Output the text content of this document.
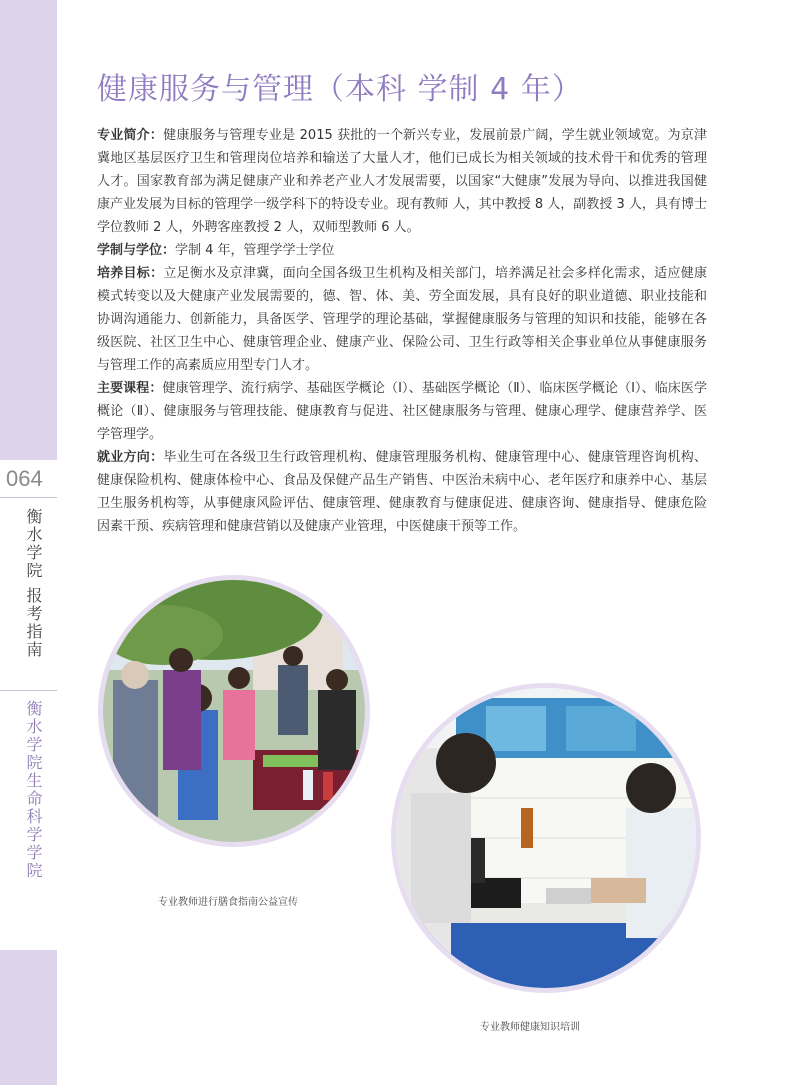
064
衡水学院 报考指南
衡水学院生命科学学院
健康服务与管理（本科 学制 4 年）

专业简介：健康服务与管理专业是 2015 获批的一个新兴专业，发展前景广阔，学生就业领域宽。为京津冀地区基层医疗卫生和管理岗位培养和输送了大量人才，他们已成长为相关领域的技术骨干和优秀的管理人才。国家教育部为满足健康产业和养老产业人才发展需要，以国家“大健康”发展为导向、以推进我国健康产业发展为目标的管理学一级学科下的特设专业。现有教师 人，其中教授 8 人，副教授 3 人，具有博士学位教师 2 人，外聘客座教授 2 人，双师型教师 6 人。

学制与学位：学制 4 年，管理学学士学位

培养目标：立足衡水及京津冀，面向全国各级卫生机构及相关部门，培养满足社会多样化需求，适应健康模式转变以及大健康产业发展需要的，德、智、体、美、劳全面发展，具有良好的职业道德、职业技能和协调沟通能力、创新能力，具备医学、管理学的理论基础，掌握健康服务与管理的知识和技能，能够在各级医院、社区卫生中心、健康管理企业、健康产业、保险公司、卫生行政等相关企事业单位从事健康服务与管理工作的高素质应用型专门人才。

主要课程：健康管理学、流行病学、基础医学概论（Ⅰ）、基础医学概论（Ⅱ）、临床医学概论（Ⅰ）、临床医学概论（Ⅱ）、健康服务与管理技能、健康教育与促进、社区健康服务与管理、健康心理学、健康营养学、医学管理学。

就业方向：毕业生可在各级卫生行政管理机构、健康管理服务机构、健康管理中心、健康管理咨询机构、健康保险机构、健康体检中心、食品及保健产品生产销售、中医治未病中心、老年医疗和康养中心、基层卫生服务机构等，从事健康风险评估、健康管理、健康教育与健康促进、健康咨询、健康指导、健康危险因素干预、疾病管理和健康营销以及健康产业管理，中医健康干预等工作。

专业教师进行膳食指南公益宣传
专业教师健康知识培训
